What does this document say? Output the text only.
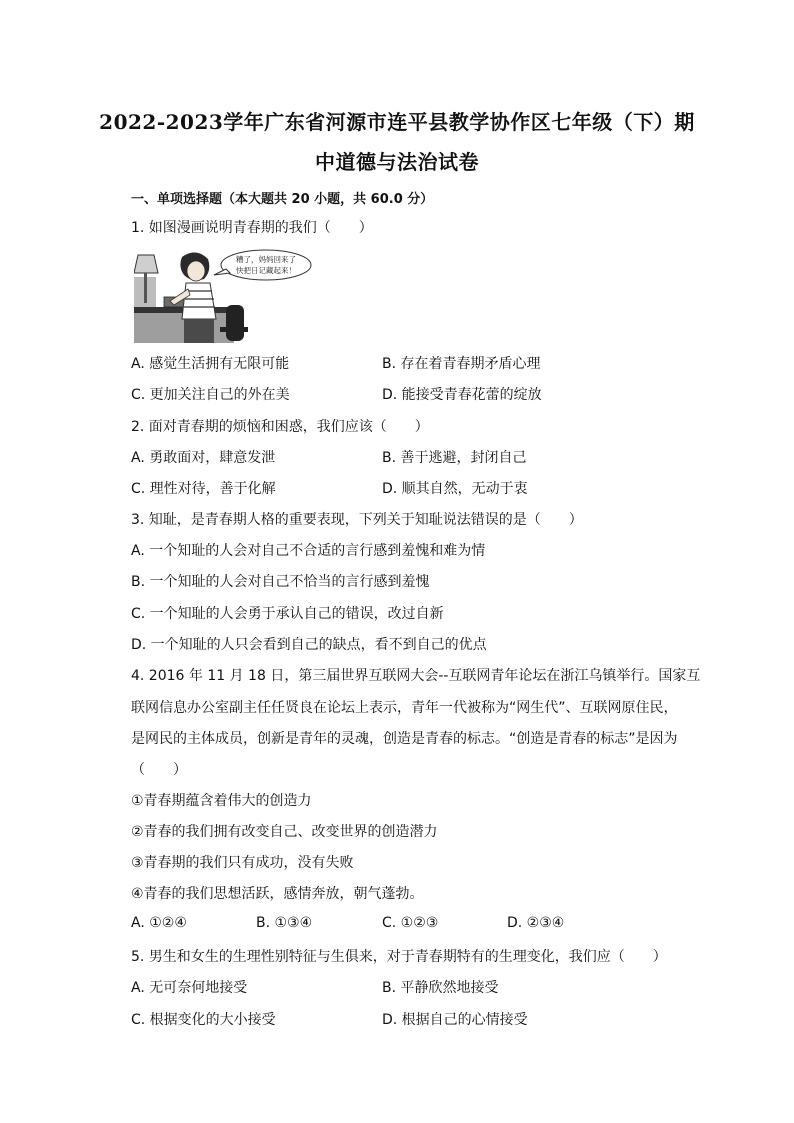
2022-2023学年广东省河源市连平县教学协作区七年级（下）期
中道德与法治试卷
一、单项选择题（本大题共 20 小题，共 60.0 分）
1. 如图漫画说明青春期的我们（　　）
糟了，妈妈回来了
快把日记藏起来！
A. 感觉生活拥有无限可能	B. 存在着青春期矛盾心理
C. 更加关注自己的外在美	D. 能接受青春花蕾的绽放
2. 面对青春期的烦恼和困惑，我们应该（　　）
A. 勇敢面对，肆意发泄	B. 善于逃避，封闭自己
C. 理性对待，善于化解	D. 顺其自然，无动于衷
3. 知耻，是青春期人格的重要表现，下列关于知耻说法错误的是（　　）
A. 一个知耻的人会对自己不合适的言行感到羞愧和难为情
B. 一个知耻的人会对自己不恰当的言行感到羞愧
C. 一个知耻的人会勇于承认自己的错误，改过自新
D. 一个知耻的人只会看到自己的缺点，看不到自己的优点
4. 2016 年 11 月 18 日，第三届世界互联网大会--互联网青年论坛在浙江乌镇举行。国家互
联网信息办公室副主任任贤良在论坛上表示，青年一代被称为“网生代”、互联网原住民，
是网民的主体成员，创新是青年的灵魂，创造是青春的标志。“创造是青春的标志”是因为
（　　）
①青春期蕴含着伟大的创造力
②青春的我们拥有改变自己、改变世界的创造潜力
③青春期的我们只有成功，没有失败
④青春的我们思想活跃，感情奔放，朝气蓬勃。
A. ①②④	B. ①③④	C. ①②③	D. ②③④
5. 男生和女生的生理性别特征与生俱来，对于青春期特有的生理变化，我们应（　　）
A. 无可奈何地接受	B. 平静欣然地接受
C. 根据变化的大小接受	D. 根据自己的心情接受
